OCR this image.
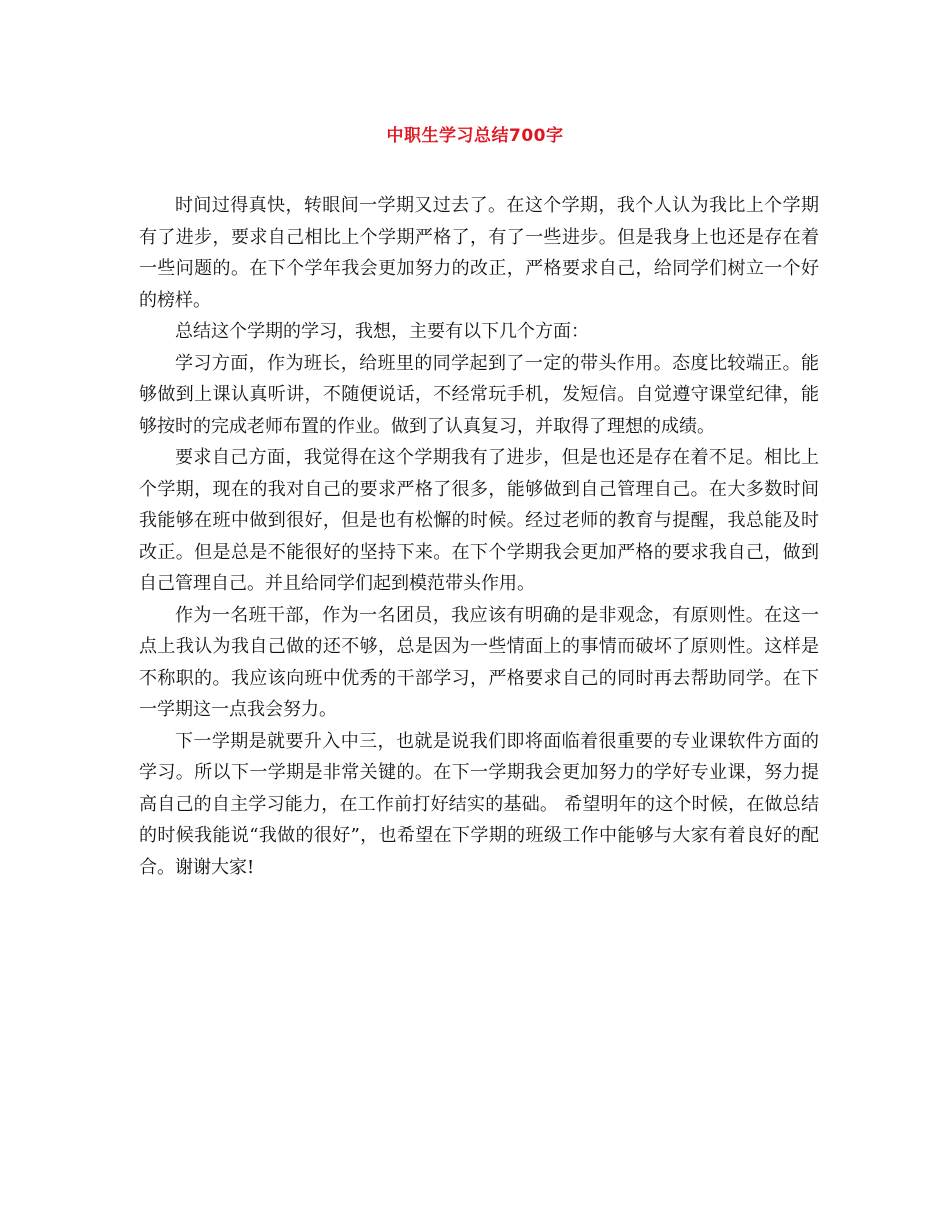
中职生学习总结700字

时间过得真快，转眼间一学期又过去了。在这个学期，我个人认为我比上个学期有了进步，要求自己相比上个学期严格了，有了一些进步。但是我身上也还是存在着一些问题的。在下个学年我会更加努力的改正，严格要求自己，给同学们树立一个好的榜样。

总结这个学期的学习，我想，主要有以下几个方面：

学习方面，作为班长，给班里的同学起到了一定的带头作用。态度比较端正。能够做到上课认真听讲，不随便说话，不经常玩手机，发短信。自觉遵守课堂纪律，能够按时的完成老师布置的作业。做到了认真复习，并取得了理想的成绩。

要求自己方面，我觉得在这个学期我有了进步，但是也还是存在着不足。相比上个学期，现在的我对自己的要求严格了很多，能够做到自己管理自己。在大多数时间我能够在班中做到很好，但是也有松懈的时候。经过老师的教育与提醒，我总能及时改正。但是总是不能很好的坚持下来。在下个学期我会更加严格的要求我自己，做到自己管理自己。并且给同学们起到模范带头作用。

作为一名班干部，作为一名团员，我应该有明确的是非观念，有原则性。在这一点上我认为我自己做的还不够，总是因为一些情面上的事情而破坏了原则性。这样是不称职的。我应该向班中优秀的干部学习，严格要求自己的同时再去帮助同学。在下一学期这一点我会努力。

下一学期是就要升入中三，也就是说我们即将面临着很重要的专业课软件方面的学习。所以下一学期是非常关键的。在下一学期我会更加努力的学好专业课，努力提高自己的自主学习能力，在工作前打好结实的基础。 希望明年的这个时候，在做总结的时候我能说“我做的很好”，也希望在下学期的班级工作中能够与大家有着良好的配合。谢谢大家!
